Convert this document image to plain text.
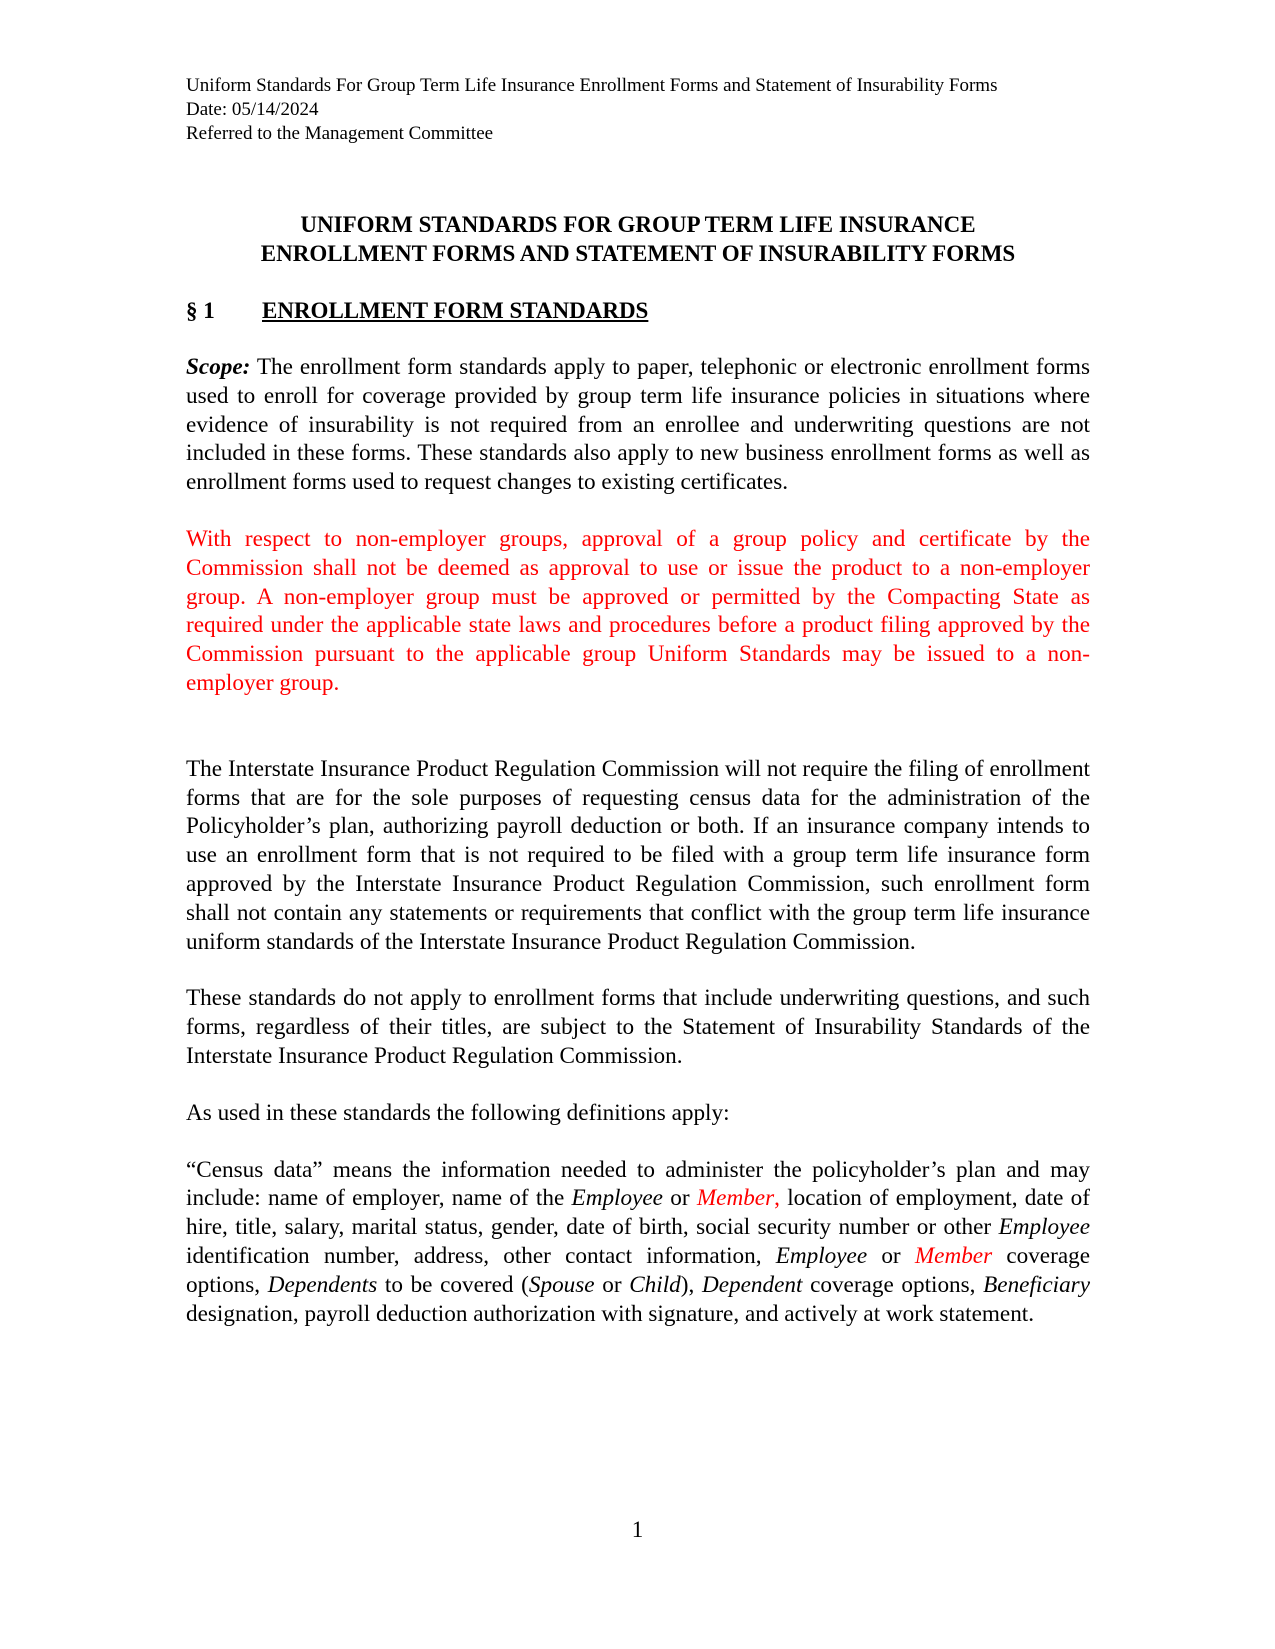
Uniform Standards For Group Term Life Insurance Enrollment Forms and Statement of Insurability Forms
Date: 05/14/2024
Referred to the Management Committee
UNIFORM STANDARDS FOR GROUP TERM LIFE INSURANCE
ENROLLMENT FORMS AND STATEMENT OF INSURABILITY FORMS
§ 1 ENROLLMENT FORM STANDARDS

Scope: The enrollment form standards apply to paper, telephonic or electronic enrollment forms used to enroll for coverage provided by group term life insurance policies in situations where evidence of insurability is not required from an enrollee and underwriting questions are not included in these forms. These standards also apply to new business enrollment forms as well as enrollment forms used to request changes to existing certificates.

With respect to non-employer groups, approval of a group policy and certificate by the Commission shall not be deemed as approval to use or issue the product to a non-employer group. A non-employer group must be approved or permitted by the Compacting State as required under the applicable state laws and procedures before a product filing approved by the Commission pursuant to the applicable group Uniform Standards may be issued to a non-employer group.

The Interstate Insurance Product Regulation Commission will not require the filing of enrollment forms that are for the sole purposes of requesting census data for the administration of the Policyholder’s plan, authorizing payroll deduction or both. If an insurance company intends to use an enrollment form that is not required to be filed with a group term life insurance form approved by the Interstate Insurance Product Regulation Commission, such enrollment form shall not contain any statements or requirements that conflict with the group term life insurance uniform standards of the Interstate Insurance Product Regulation Commission.

These standards do not apply to enrollment forms that include underwriting questions, and such forms, regardless of their titles, are subject to the Statement of Insurability Standards of the Interstate Insurance Product Regulation Commission.

As used in these standards the following definitions apply:

“Census data” means the information needed to administer the policyholder’s plan and may include: name of employer, name of the Employee or Member, location of employment, date of hire, title, salary, marital status, gender, date of birth, social security number or other Employee identification number, address, other contact information, Employee or Member coverage options, Dependents to be covered (Spouse or Child), Dependent coverage options, Beneficiary designation, payroll deduction authorization with signature, and actively at work statement.

1
